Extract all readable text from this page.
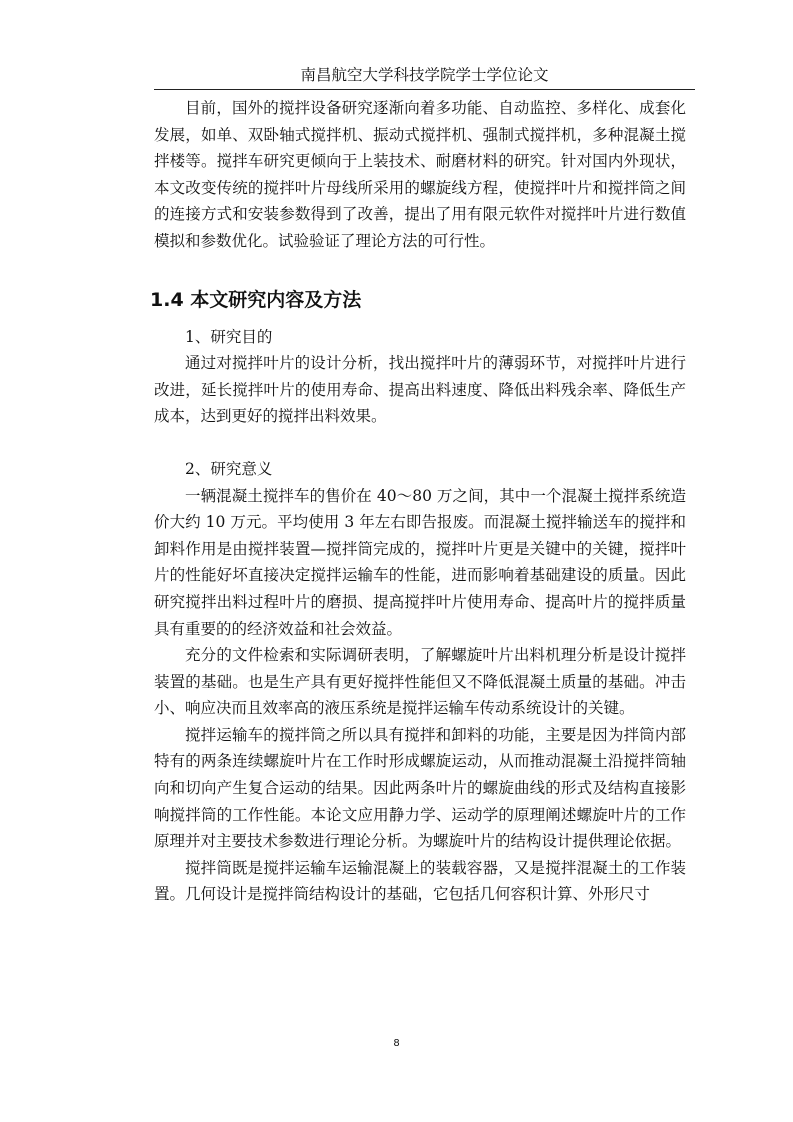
南昌航空大学科技学院学士学位论文

目前，国外的搅拌设备研究逐渐向着多功能、自动监控、多样化、成套化发展，如单、双卧轴式搅拌机、振动式搅拌机、强制式搅拌机，多种混凝土搅拌楼等。搅拌车研究更倾向于上装技术、耐磨材料的研究。针对国内外现状，本文改变传统的搅拌叶片母线所采用的螺旋线方程，使搅拌叶片和搅拌筒之间的连接方式和安装参数得到了改善，提出了用有限元软件对搅拌叶片进行数值模拟和参数优化。试验验证了理论方法的可行性。

1.4 本文研究内容及方法

1、研究目的

通过对搅拌叶片的设计分析，找出搅拌叶片的薄弱环节，对搅拌叶片进行改进，延长搅拌叶片的使用寿命、提高出料速度、降低出料残余率、降低生产成本，达到更好的搅拌出料效果。

2、研究意义

一辆混凝土搅拌车的售价在 40～80 万之间，其中一个混凝土搅拌系统造价大约 10 万元。平均使用 3 年左右即告报废。而混凝土搅拌输送车的搅拌和卸料作用是由搅拌装置—搅拌筒完成的，搅拌叶片更是关键中的关键，搅拌叶片的性能好坏直接决定搅拌运输车的性能，进而影响着基础建设的质量。因此研究搅拌出料过程叶片的磨损、提高搅拌叶片使用寿命、提高叶片的搅拌质量具有重要的的经济效益和社会效益。

充分的文件检索和实际调研表明，了解螺旋叶片出料机理分析是设计搅拌装置的基础。也是生产具有更好搅拌性能但又不降低混凝土质量的基础。冲击小、响应决而且效率高的液压系统是搅拌运输车传动系统设计的关键。

搅拌运输车的搅拌筒之所以具有搅拌和卸料的功能，主要是因为拌筒内部特有的两条连续螺旋叶片在工作时形成螺旋运动，从而推动混凝土沿搅拌筒轴向和切向产生复合运动的结果。因此两条叶片的螺旋曲线的形式及结构直接影响搅拌筒的工作性能。本论文应用静力学、运动学的原理阐述螺旋叶片的工作原理并对主要技术参数进行理论分析。为螺旋叶片的结构设计提供理论依据。

搅拌筒既是搅拌运输车运输混凝上的装载容器，又是搅拌混凝土的工作装置。几何设计是搅拌筒结构设计的基础，它包括几何容积计算、外形尺寸

8
